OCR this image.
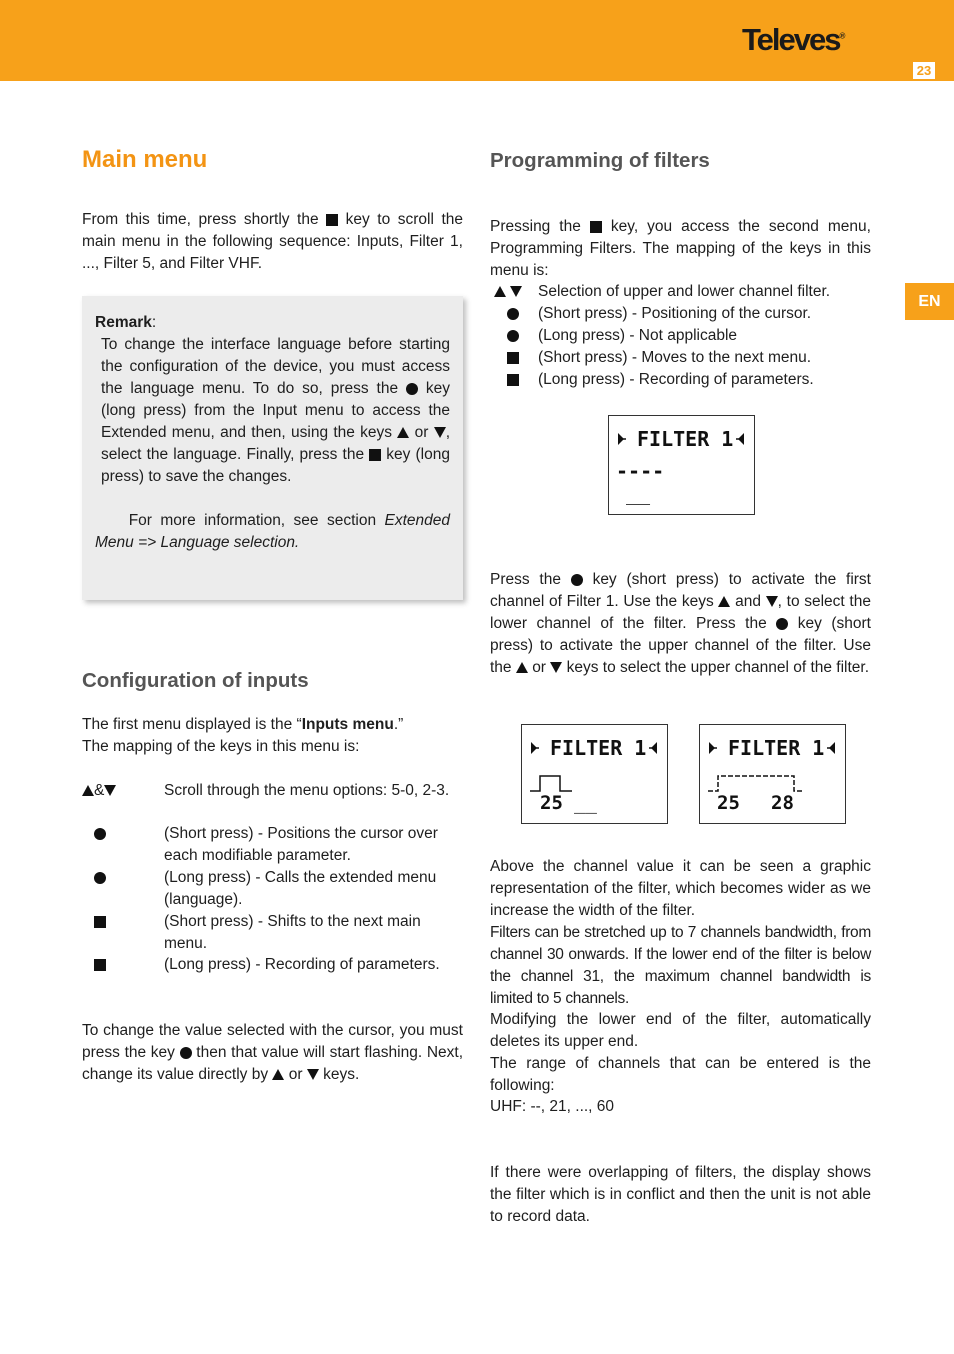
Televes®
23
EN
Main menu

From this time, press shortly the key to scroll the main menu in the following sequence: Inputs, Filter 1, ..., Filter 5, and Filter VHF.

Remark:
To change the interface language before starting the configuration of the device, you must access the language menu. To do so, press the key (long press) from the Input menu to access the Extended menu, and then, using the keys or , select the language. Finally, press the key (long press) to save the changes.
For more information, see section Extended Menu => Language selection.
Configuration of inputs

The first menu displayed is the “Inputs menu.”
The mapping of the keys in this menu is:

&	Scroll through the menu options: 5-0, 2-3.
(Short press) - Positions the cursor over each modifiable parameter.
(Long press) - Calls the extended menu (language).
(Short press) - Shifts to the next main menu.
(Long press) - Recording of parameters.

To change the value selected with the cursor, you must press the key then that value will start flashing. Next, change its value directly by or keys.

Programming of filters

Pressing the key, you access the second menu, Programming Filters. The mapping of the keys in this menu is:

Selection of upper and lower channel filter.
(Short press) - Positioning of the cursor.
(Long press) - Not applicable
(Short press) - Moves to the next menu.
(Long press) - Recording of parameters.
FILTER 1
----
__

Press the key (short press) to activate the first channel of Filter 1. Use the keys and , to select the lower channel of the filter. Press the key (short press) to activate the upper channel of the filter. Use the or keys to select the upper channel of the filter.

FILTER 1
25 __
FILTER 1
25 28

Above the channel value it can be seen a graphic representation of the filter, which becomes wider as we increase the width of the filter.

Filters can be stretched up to 7 channels bandwidth, from channel 30 onwards. If the lower end of the filter is below the channel 31, the maximum channel bandwidth is limited to 5 channels.

Modifying the lower end of the filter, automatically deletes its upper end.

The range of channels that can be entered is the following:

UHF: --, 21, ..., 60

If there were overlapping of filters, the display shows the filter which is in conflict and then the unit is not able to record data.
